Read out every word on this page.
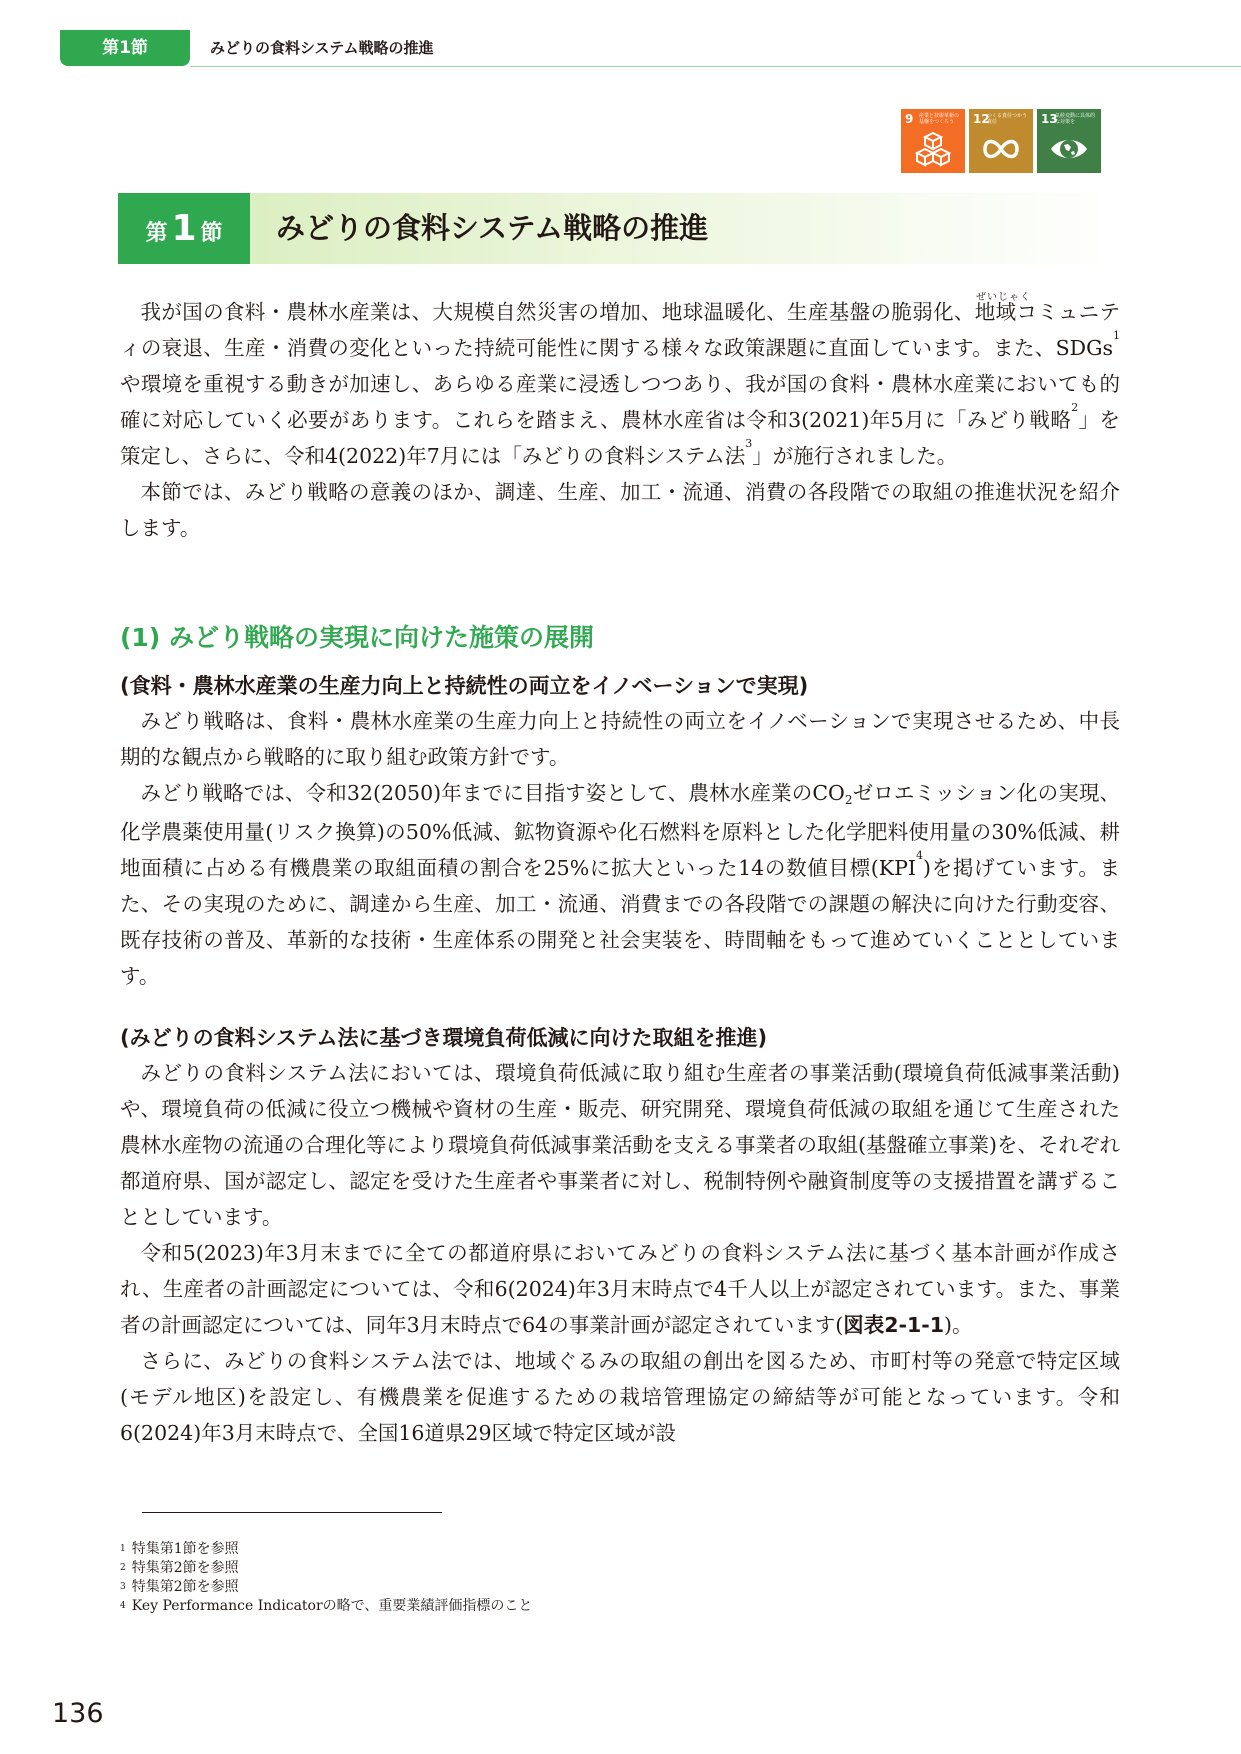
第1節	みどりの食料システム戦略の推進
9 産業と技術革新の基盤をつくろう	12
つくる責任つかう責任	13
気候変動に具体的な対策を
第 1 節	みどりの食料システム戦略の推進
ぜいじゃく

我が国の食料・農林水産業は、大規模自然災害の増加、地球温暖化、生産基盤の脆弱化、地域コミュニティの衰退、生産・消費の変化といった持続可能性に関する様々な政策課題に直面しています。また、SDGs$^1$や環境を重視する動きが加速し、あらゆる産業に浸透しつつあり、我が国の食料・農林水産業においても的確に対応していく必要があります。これらを踏まえ、農林水産省は令和3(2021)年5月に「みどり戦略$^2$」を策定し、さらに、令和4(2022)年7月には「みどりの食料システム法$^3$」が施行されました。

本節では、みどり戦略の意義のほか、調達、生産、加工・流通、消費の各段階での取組の推進状況を紹介します。

(1) みどり戦略の実現に向けた施策の展開
(食料・農林水産業の生産力向上と持続性の両立をイノベーションで実現)

みどり戦略は、食料・農林水産業の生産力向上と持続性の両立をイノベーションで実現させるため、中長期的な観点から戦略的に取り組む政策方針です。

みどり戦略では、令和32(2050)年までに目指す姿として、農林水産業の$CO_2$ゼロエミッション化の実現、化学農薬使用量(リスク換算)の50%低減、鉱物資源や化石燃料を原料とした化学肥料使用量の30%低減、耕地面積に占める有機農業の取組面積の割合を25%に拡大といった14の数値目標(KPI$^4$)を掲げています。また、その実現のために、調達から生産、加工・流通、消費までの各段階での課題の解決に向けた行動変容、既存技術の普及、革新的な技術・生産体系の開発と社会実装を、時間軸をもって進めていくこととしています。

(みどりの食料システム法に基づき環境負荷低減に向けた取組を推進)

みどりの食料システム法においては、環境負荷低減に取り組む生産者の事業活動(環境負荷低減事業活動)や、環境負荷の低減に役立つ機械や資材の生産・販売、研究開発、環境負荷低減の取組を通じて生産された農林水産物の流通の合理化等により環境負荷低減事業活動を支える事業者の取組(基盤確立事業)を、それぞれ都道府県、国が認定し、認定を受けた生産者や事業者に対し、税制特例や融資制度等の支援措置を講ずることとしています。

令和5(2023)年3月末までに全ての都道府県においてみどりの食料システム法に基づく基本計画が作成され、生産者の計画認定については、令和6(2024)年3月末時点で4千人以上が認定されています。また、事業者の計画認定については、同年3月末時点で64の事業計画が認定されています(図表2-1-1)。

さらに、みどりの食料システム法では、地域ぐるみの取組の創出を図るため、市町村等の発意で特定区域(モデル地区)を設定し、有機農業を促進するための栽培管理協定の締結等が可能となっています。令和6(2024)年3月末時点で、全国16道県29区域で特定区域が設

$^1$ 特集第1節を参照
$^2$ 特集第2節を参照
$^3$ 特集第2節を参照
$^4$ Key Performance Indicatorの略で、重要業績評価指標のこと
136
